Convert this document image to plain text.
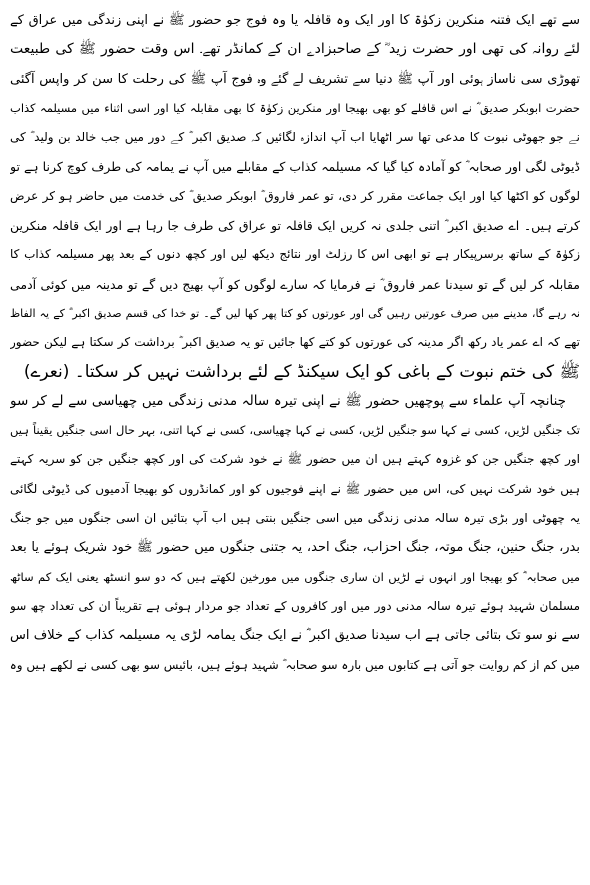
سے تھے ایک فتنہ منکرین زکوٰۃ کا اور ایک وہ قافلہ یا وہ فوج جو حضور ﷺ نے اپنی زندگی میں عراق کے
لئے روانہ کی تھی اور حضرت زید ؓ کے صاحبزادے ان کے کمانڈر تھے۔ اس وقت حضور ﷺ کی طبیعت
تھوڑی سی ناساز ہوئی اور آپ ﷺ دنیا سے تشریف لے گئے وہ فوج آپ ﷺ کی رحلت کا سن کر واپس آگئی
حضرت ابوبکر صدیق ؓ نے اس قافلے کو بھی بھیجا اور منکرین زکوٰۃ کا بھی مقابلہ کیا اور اسی اثناء میں مسیلمہ کذاب
نے جو جھوٹی نبوت کا مدعی تھا سر اٹھایا اب آپ اندازہ لگائیں کہ صدیق اکبر ؓ کے دور میں جب خالد بن ولید ؓ کی
ڈیوٹی لگی اور صحابہ ؓ کو آمادہ کیا گیا کہ مسیلمہ کذاب کے مقابلے میں آپ نے یمامہ کی طرف کوچ کرنا ہے تو
لوگوں کو اکٹھا کیا اور ایک جماعت مقرر کر دی، تو عمر فاروق ؓ ابوبکر صدیق ؓ کی خدمت میں حاضر ہو کر عرض
کرتے ہیں۔ اے صدیق اکبر ؓ اتنی جلدی نہ کریں ایک قافلہ تو عراق کی طرف جا رہا ہے اور ایک قافلہ منکرین
زکوٰۃ کے ساتھ برسرپیکار ہے تو ابھی اس کا رزلٹ اور نتائج دیکھ لیں اور کچھ دنوں کے بعد پھر مسیلمہ کذاب کا
مقابلہ کر لیں گے تو سیدنا عمر فاروق ؓ نے فرمایا کہ سارے لوگوں کو آپ بھیج دیں گے تو مدینہ میں کوئی آدمی
نہ رہے گا، مدینے میں صرف عورتیں رہیں گی اور عورتوں کو کتا پھر کھا لیں گے۔ تو خدا کی قسم صدیق اکبر ؓ کے یہ الفاظ
تھے کہ اے عمر یاد رکھ اگر مدینہ کی عورتوں کو کتے کھا جائیں تو یہ صدیق اکبر ؓ برداشت کر سکتا ہے لیکن حضور
ﷺ کی ختم نبوت کے باغی کو ایک سیکنڈ کے لئے برداشت نہیں کر سکتا۔ (نعرے)
چنانچہ آپ علماء سے پوچھیں حضور ﷺ نے اپنی تیرہ سالہ مدنی زندگی میں چھیاسی سے لے کر سو
تک جنگیں لڑیں، کسی نے کہا سو جنگیں لڑیں، کسی نے کہا چھیاسی، کسی نے کہا اتنی، بہر حال اسی جنگیں یقیناً ہیں
اور کچھ جنگیں جن کو غزوہ کہتے ہیں ان میں حضور ﷺ نے خود شرکت کی اور کچھ جنگیں جن کو سریہ کہتے
ہیں خود شرکت نہیں کی، اس میں حضور ﷺ نے اپنے فوجیوں کو اور کمانڈروں کو بھیجا آدمیوں کی ڈیوٹی لگائی
یہ چھوٹی اور بڑی تیرہ سالہ مدنی زندگی میں اسی جنگیں بنتی ہیں اب آپ بتائیں ان اسی جنگوں میں جو جنگ
بدر، جنگ حنین، جنگ موتہ، جنگ احزاب، جنگ احد، یہ جتنی جنگوں میں حضور ﷺ خود شریک ہوئے یا بعد
میں صحابہ ؓ کو بھیجا اور انہوں نے لڑیں ان ساری جنگوں میں مورخین لکھتے ہیں کہ دو سو انسٹھ یعنی ایک کم ساٹھ
مسلمان شہید ہوئے تیرہ سالہ مدنی دور میں اور کافروں کے تعداد جو مردار ہوئی ہے تقریباً ان کی تعداد چھ سو
سے نو سو تک بتائی جاتی ہے اب سیدنا صدیق اکبر ؓ نے ایک جنگ یمامہ لڑی یہ مسیلمہ کذاب کے خلاف اس
میں کم از کم روایت جو آتی ہے کتابوں میں بارہ سو صحابہ ؓ شہید ہوئے ہیں، بائیس سو بھی کسی نے لکھے ہیں وہ
